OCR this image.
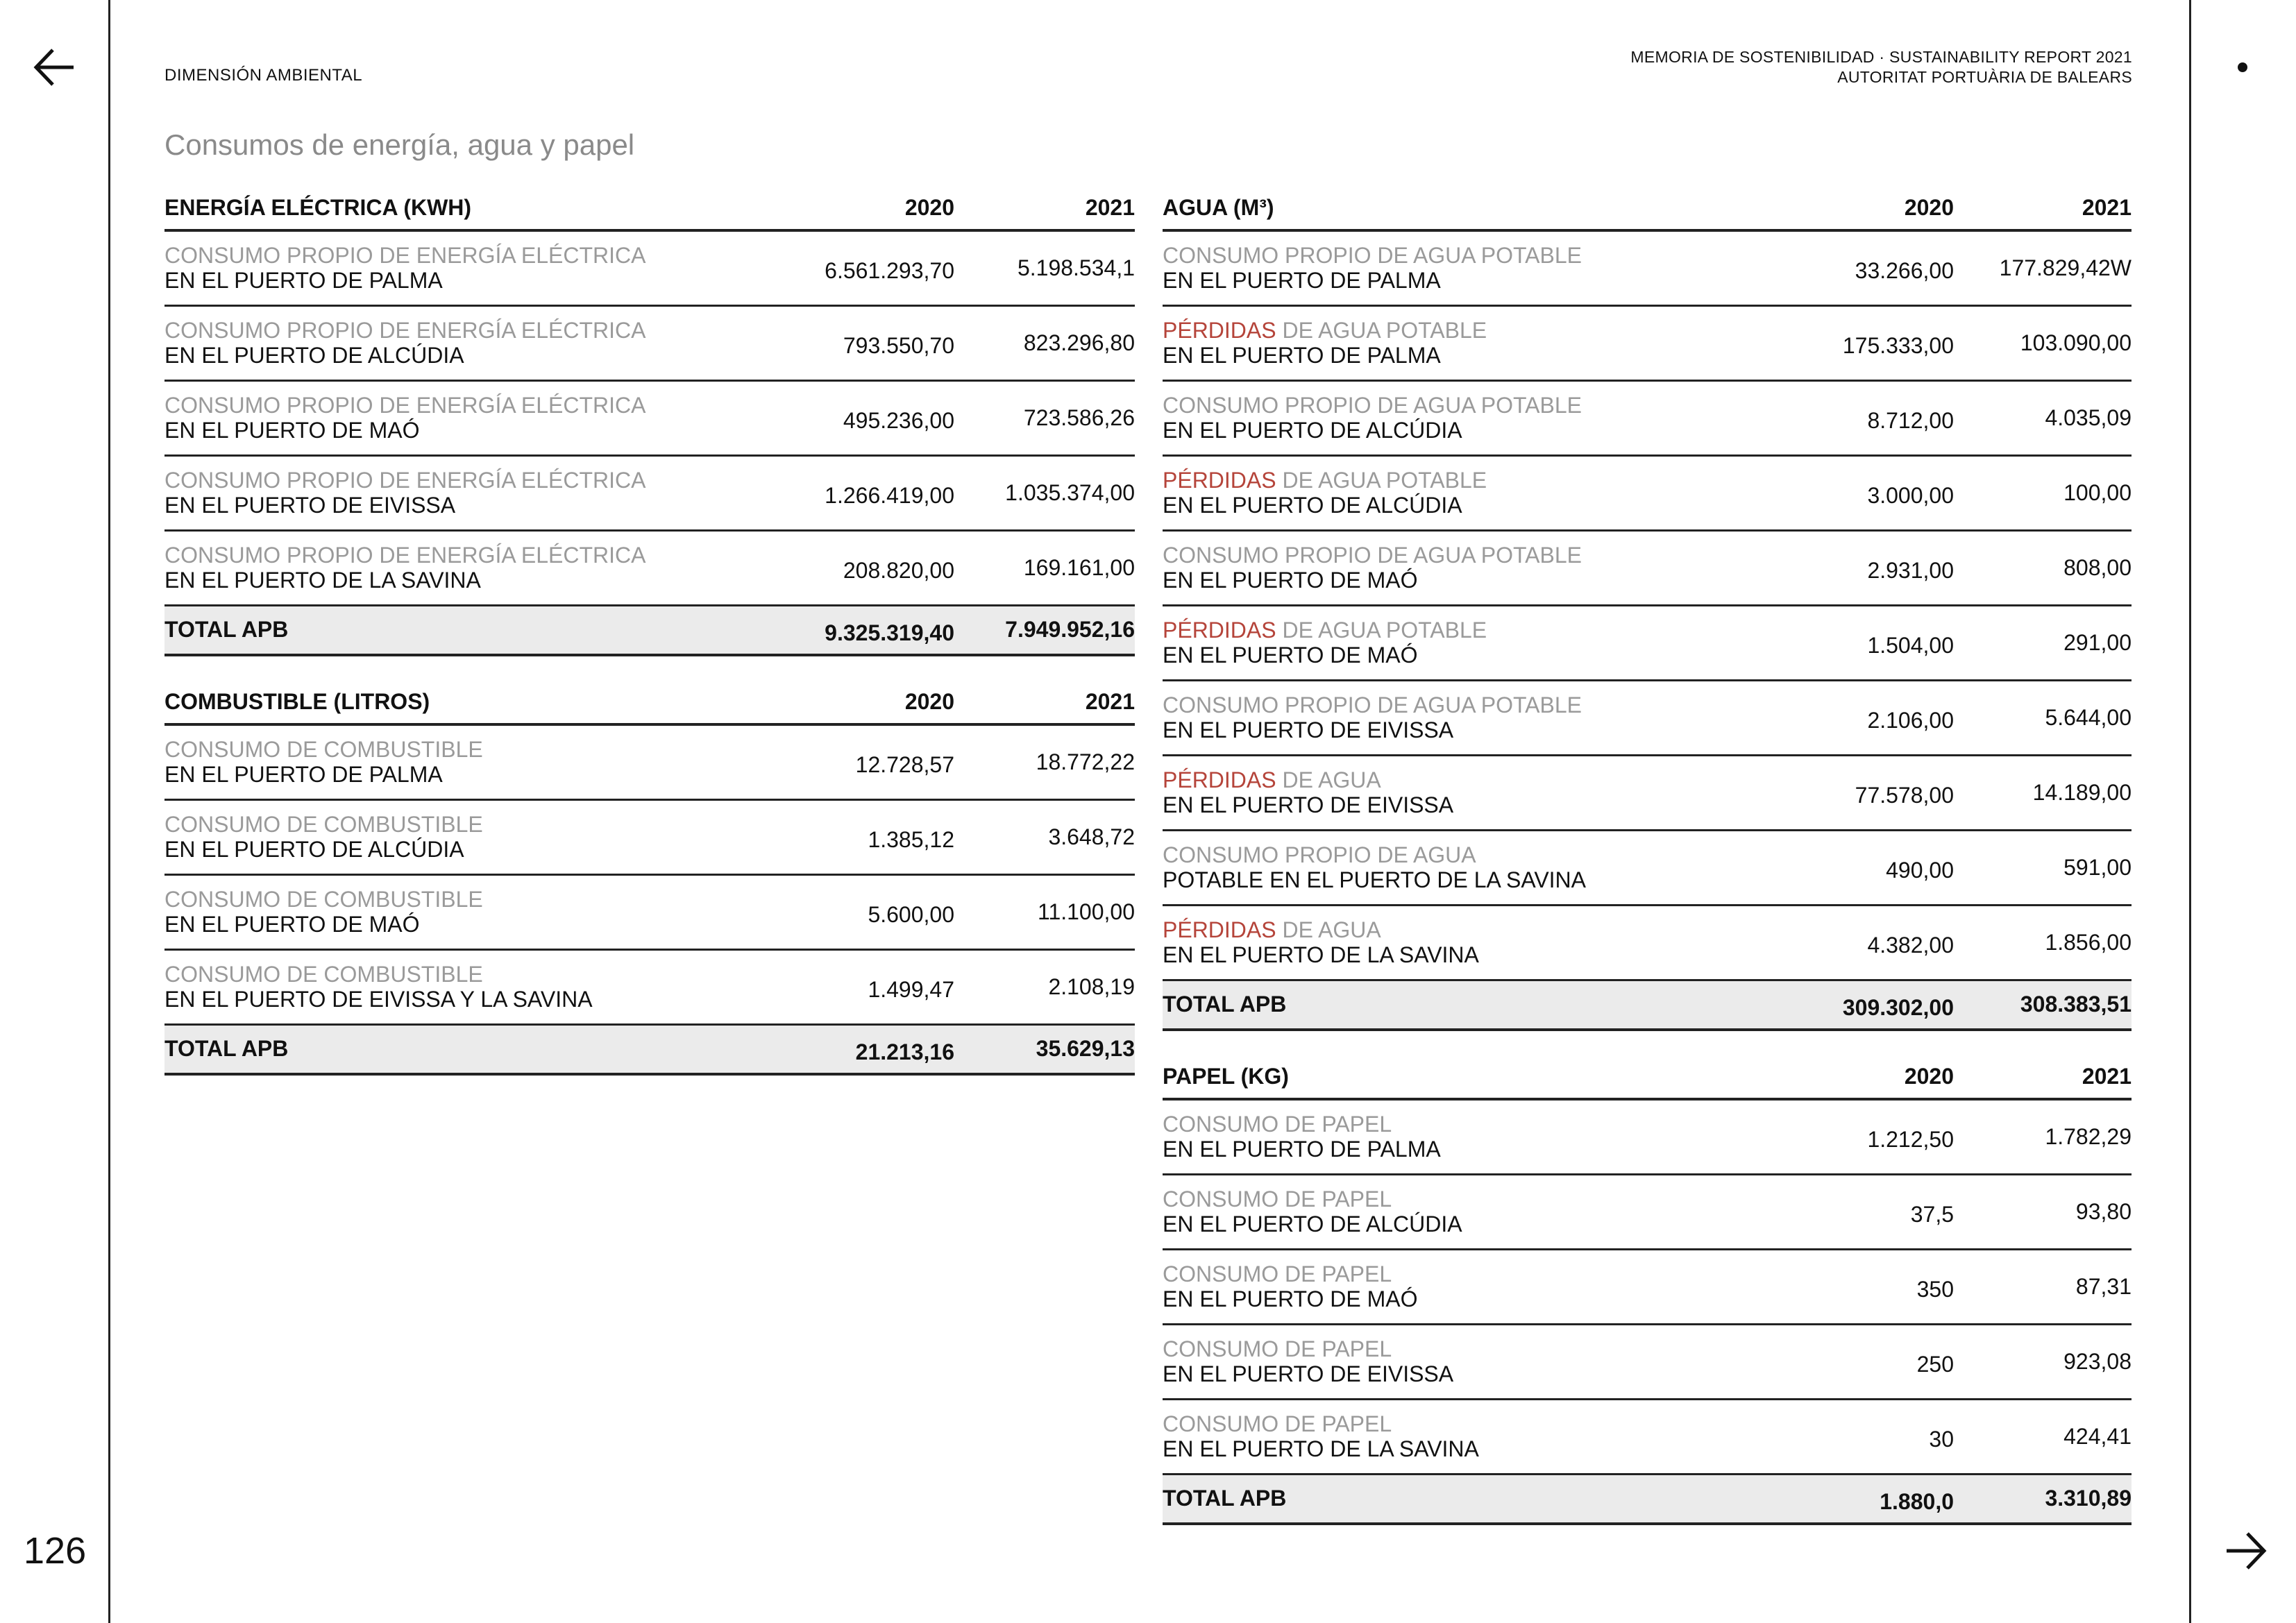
126
DIMENSIÓN AMBIENTAL
MEMORIA DE SOSTENIBILIDAD · SUSTAINABILITY REPORT 2021
AUTORITAT PORTUÀRIA DE BALEARS
Consumos de energía, agua y papel
ENERGÍA ELÉCTRICA (KWH)	2020	2021
CONSUMO PROPIO DE ENERGÍA ELÉCTRICA
EN EL PUERTO DE PALMA	6.561.293,70	5.198.534,1
CONSUMO PROPIO DE ENERGÍA ELÉCTRICA
EN EL PUERTO DE ALCÚDIA	793.550,70	823.296,80
CONSUMO PROPIO DE ENERGÍA ELÉCTRICA
EN EL PUERTO DE MAÓ	495.236,00	723.586,26
CONSUMO PROPIO DE ENERGÍA ELÉCTRICA
EN EL PUERTO DE EIVISSA	1.266.419,00	1.035.374,00
CONSUMO PROPIO DE ENERGÍA ELÉCTRICA
EN EL PUERTO DE LA SAVINA	208.820,00	169.161,00
TOTAL APB	9.325.319,40	7.949.952,16
COMBUSTIBLE (LITROS)	2020	2021
CONSUMO DE COMBUSTIBLE
EN EL PUERTO DE PALMA	12.728,57	18.772,22
CONSUMO DE COMBUSTIBLE
EN EL PUERTO DE ALCÚDIA	1.385,12	3.648,72
CONSUMO DE COMBUSTIBLE
EN EL PUERTO DE MAÓ	5.600,00	11.100,00
CONSUMO DE COMBUSTIBLE
EN EL PUERTO DE EIVISSA Y LA SAVINA	1.499,47	2.108,19
TOTAL APB	21.213,16	35.629,13
AGUA (M³)	2020	2021
CONSUMO PROPIO DE AGUA POTABLE
EN EL PUERTO DE PALMA	33.266,00	177.829,42W
PÉRDIDAS DE AGUA POTABLE
EN EL PUERTO DE PALMA	175.333,00	103.090,00
CONSUMO PROPIO DE AGUA POTABLE
EN EL PUERTO DE ALCÚDIA	8.712,00	4.035,09
PÉRDIDAS DE AGUA POTABLE
EN EL PUERTO DE ALCÚDIA	3.000,00	100,00
CONSUMO PROPIO DE AGUA POTABLE
EN EL PUERTO DE MAÓ	2.931,00	808,00
PÉRDIDAS DE AGUA POTABLE
EN EL PUERTO DE MAÓ	1.504,00	291,00
CONSUMO PROPIO DE AGUA POTABLE
EN EL PUERTO DE EIVISSA	2.106,00	5.644,00
PÉRDIDAS DE AGUA
EN EL PUERTO DE EIVISSA	77.578,00	14.189,00
CONSUMO PROPIO DE AGUA
POTABLE EN EL PUERTO DE LA SAVINA	490,00	591,00
PÉRDIDAS DE AGUA
EN EL PUERTO DE LA SAVINA	4.382,00	1.856,00
TOTAL APB	309.302,00	308.383,51
PAPEL (KG)	2020	2021
CONSUMO DE PAPEL
EN EL PUERTO DE PALMA	1.212,50	1.782,29
CONSUMO DE PAPEL
EN EL PUERTO DE ALCÚDIA	37,5	93,80
CONSUMO DE PAPEL
EN EL PUERTO DE MAÓ	350	87,31
CONSUMO DE PAPEL
EN EL PUERTO DE EIVISSA	250	923,08
CONSUMO DE PAPEL
EN EL PUERTO DE LA SAVINA	30	424,41
TOTAL APB	1.880,0	3.310,89
